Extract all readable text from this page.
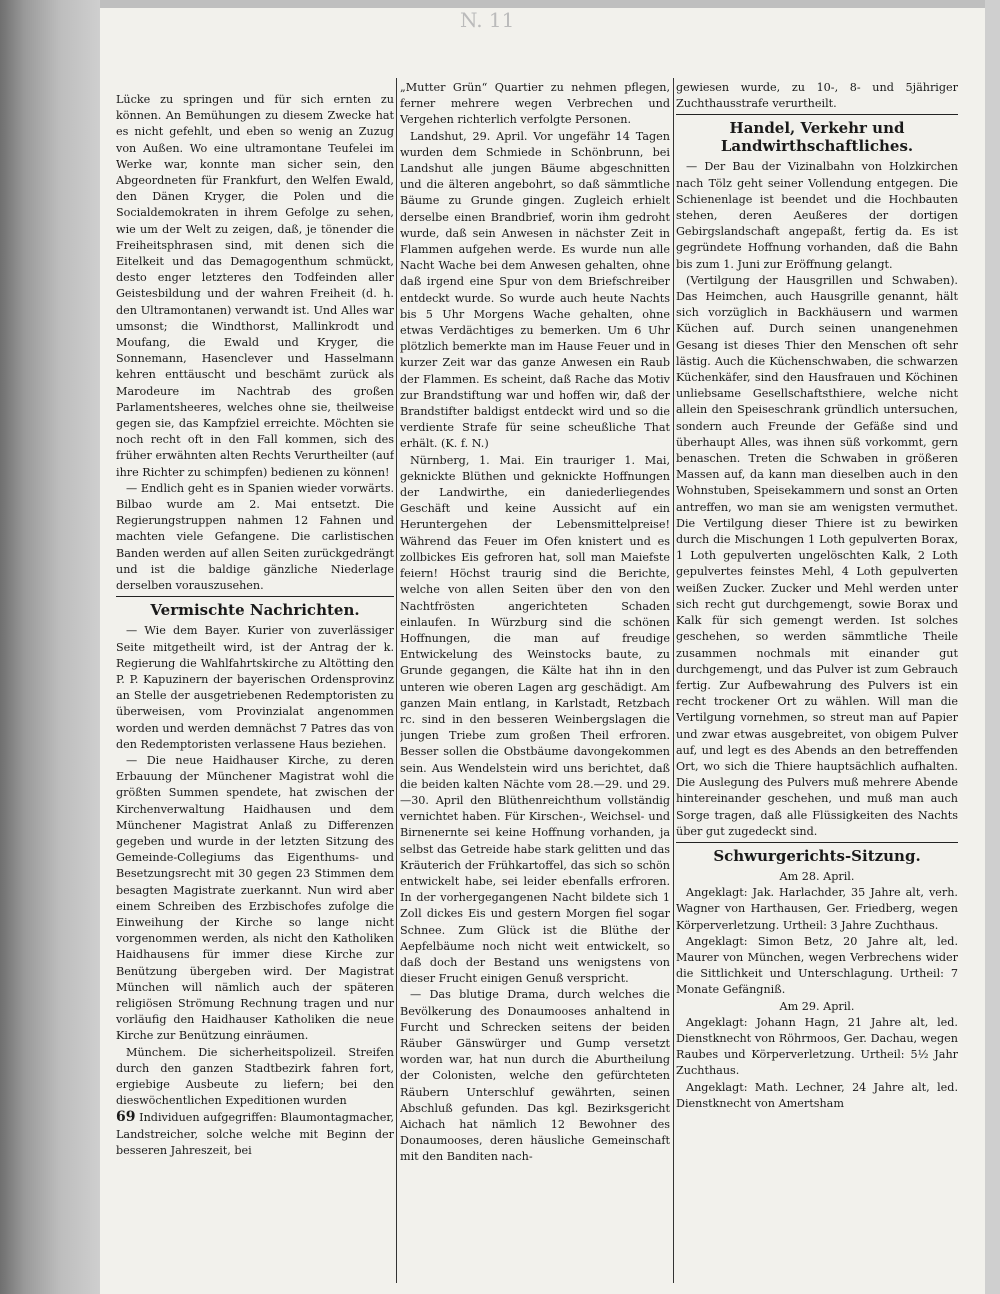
N. 11

Lücke zu springen und für sich ernten zu können. An Bemühungen zu diesem Zwecke hat es nicht gefehlt, und eben so wenig an Zuzug von Außen. Wo eine ultramontane Teufelei im Werke war, konnte man sicher sein, den Abgeordneten für Frankfurt, den Welfen Ewald, den Dänen Kryger, die Polen und die Socialdemokraten in ihrem Gefolge zu sehen, wie um der Welt zu zeigen, daß, je tönender die Freiheitsphrasen sind, mit denen sich die Eitelkeit und das Demagogenthum schmückt, desto enger letzteres den Todfeinden aller Geistesbildung und der wahren Freiheit (d. h. den Ultramontanen) verwandt ist. Und Alles war umsonst; die Windthorst, Mallinkrodt und Moufang, die Ewald und Kryger, die Sonnemann, Hasenclever und Hasselmann kehren enttäuscht und beschämt zurück als Marodeure im Nachtrab des großen Parlamentsheeres, welches ohne sie, theilweise gegen sie, das Kampfziel erreichte. Möchten sie noch recht oft in den Fall kommen, sich des früher erwähnten alten Rechts Verurtheilter (auf ihre Richter zu schimpfen) bedienen zu können!

— Endlich geht es in Spanien wieder vorwärts. Bilbao wurde am 2. Mai entsetzt. Die Regierungstruppen nahmen 12 Fahnen und machten viele Gefangene. Die carlistischen Banden werden auf allen Seiten zurückgedrängt und ist die baldige gänzliche Niederlage derselben vorauszusehen.

Vermischte Nachrichten.

— Wie dem Bayer. Kurier von zuverlässiger Seite mitgetheilt wird, ist der Antrag der k. Regierung die Wahlfahrtskirche zu Altötting den P. P. Kapuzinern der bayerischen Ordensprovinz an Stelle der ausgetriebenen Redemptoristen zu überweisen, vom Provinzialat angenommen worden und werden demnächst 7 Patres das von den Redemptoristen verlassene Haus beziehen.

— Die neue Haidhauser Kirche, zu deren Erbauung der Münchener Magistrat wohl die größten Summen spendete, hat zwischen der Kirchenverwaltung Haidhausen und dem Münchener Magistrat Anlaß zu Differenzen gegeben und wurde in der letzten Sitzung des Gemeinde-Collegiums das Eigenthums- und Besetzungsrecht mit 30 gegen 23 Stimmen dem besagten Magistrate zuerkannt. Nun wird aber einem Schreiben des Erzbischofes zufolge die Einweihung der Kirche so lange nicht vorgenommen werden, als nicht den Katholiken Haidhausens für immer diese Kirche zur Benützung übergeben wird. Der Magistrat München will nämlich auch der späteren religiösen Strömung Rechnung tragen und nur vorläufig den Haidhauser Katholiken die neue Kirche zur Benützung einräumen.

Münchem. Die sicherheitspolizeil. Streifen durch den ganzen Stadtbezirk fahren fort, ergiebige Ausbeute zu liefern; bei den dieswöchentlichen Expeditionen wurden

69 Individuen aufgegriffen: Blaumontagmacher, Landstreicher, solche welche mit Beginn der besseren Jahreszeit, bei

„Mutter Grün“ Quartier zu nehmen pflegen, ferner mehrere wegen Verbrechen und Vergehen richterlich verfolgte Personen.

Landshut, 29. April. Vor ungefähr 14 Tagen wurden dem Schmiede in Schönbrunn, bei Landshut alle jungen Bäume abgeschnitten und die älteren angebohrt, so daß sämmtliche Bäume zu Grunde gingen. Zugleich erhielt derselbe einen Brandbrief, worin ihm gedroht wurde, daß sein Anwesen in nächster Zeit in Flammen aufgehen werde. Es wurde nun alle Nacht Wache bei dem Anwesen gehalten, ohne daß irgend eine Spur von dem Briefschreiber entdeckt wurde. So wurde auch heute Nachts bis 5 Uhr Morgens Wache gehalten, ohne etwas Verdächtiges zu bemerken. Um 6 Uhr plötzlich bemerkte man im Hause Feuer und in kurzer Zeit war das ganze Anwesen ein Raub der Flammen. Es scheint, daß Rache das Motiv zur Brandstiftung war und hoffen wir, daß der Brandstifter baldigst entdeckt wird und so die verdiente Strafe für seine scheußliche That erhält. (K. f. N.)

Nürnberg, 1. Mai. Ein trauriger 1. Mai, geknickte Blüthen und geknickte Hoffnungen der Landwirthe, ein daniederliegendes Geschäft und keine Aussicht auf ein Heruntergehen der Lebensmittelpreise! Während das Feuer im Ofen knistert und es zollbickes Eis gefroren hat, soll man Maiefste feiern! Höchst traurig sind die Berichte, welche von allen Seiten über den von den Nachtfrösten angerichteten Schaden einlaufen. In Würzburg sind die schönen Hoffnungen, die man auf freudige Entwickelung des Weinstocks baute, zu Grunde gegangen, die Kälte hat ihn in den unteren wie oberen Lagen arg geschädigt. Am ganzen Main entlang, in Karlstadt, Retzbach rc. sind in den besseren Weinbergslagen die jungen Triebe zum großen Theil erfroren. Besser sollen die Obstbäume davongekommen sein. Aus Wendelstein wird uns berichtet, daß die beiden kalten Nächte vom 28.—29. und 29.—30. April den Blüthenreichthum vollständig vernichtet haben. Für Kirschen-, Weichsel- und Birnenernte sei keine Hoffnung vorhanden, ja selbst das Getreide habe stark gelitten und das Kräuterich der Frühkartoffel, das sich so schön entwickelt habe, sei leider ebenfalls erfroren. In der vorhergegangenen Nacht bildete sich 1 Zoll dickes Eis und gestern Morgen fiel sogar Schnee. Zum Glück ist die Blüthe der Aepfelbäume noch nicht weit entwickelt, so daß doch der Bestand uns wenigstens von dieser Frucht einigen Genuß verspricht.

— Das blutige Drama, durch welches die Bevölkerung des Donaumooses anhaltend in Furcht und Schrecken seitens der beiden Räuber Gänswürger und Gump versetzt worden war, hat nun durch die Aburtheilung der Colonisten, welche den gefürchteten Räubern Unterschluf gewährten, seinen Abschluß gefunden. Das kgl. Bezirksgericht Aichach hat nämlich 12 Bewohner des Donaumooses, deren häusliche Gemeinschaft mit den Banditen nach-

gewiesen wurde, zu 10-, 8- und 5jähriger Zuchthausstrafe verurtheilt.

Handel, Verkehr und Landwirthschaftliches.

— Der Bau der Vizinalbahn von Holzkirchen nach Tölz geht seiner Vollendung entgegen. Die Schienenlage ist beendet und die Hochbauten stehen, deren Aeußeres der dortigen Gebirgslandschaft angepaßt, fertig da. Es ist gegründete Hoffnung vorhanden, daß die Bahn bis zum 1. Juni zur Eröffnung gelangt.

(Vertilgung der Hausgrillen und Schwaben). Das Heimchen, auch Hausgrille genannt, hält sich vorzüglich in Backhäusern und warmen Küchen auf. Durch seinen unangenehmen Gesang ist dieses Thier den Menschen oft sehr lästig. Auch die Küchenschwaben, die schwarzen Küchenkäfer, sind den Hausfrauen und Köchinen unliebsame Gesellschaftsthiere, welche nicht allein den Speiseschrank gründlich untersuchen, sondern auch Freunde der Gefäße sind und überhaupt Alles, was ihnen süß vorkommt, gern benaschen. Treten die Schwaben in größeren Massen auf, da kann man dieselben auch in den Wohnstuben, Speisekammern und sonst an Orten antreffen, wo man sie am wenigsten vermuthet. Die Vertilgung dieser Thiere ist zu bewirken durch die Mischungen 1 Loth gepulverten Borax, 1 Loth gepulverten ungelöschten Kalk, 2 Loth gepulvertes feinstes Mehl, 4 Loth gepulverten weißen Zucker. Zucker und Mehl werden unter sich recht gut durchgemengt, sowie Borax und Kalk für sich gemengt werden. Ist solches geschehen, so werden sämmtliche Theile zusammen nochmals mit einander gut durchgemengt, und das Pulver ist zum Gebrauch fertig. Zur Aufbewahrung des Pulvers ist ein recht trockener Ort zu wählen. Will man die Vertilgung vornehmen, so streut man auf Papier und zwar etwas ausgebreitet, von obigem Pulver auf, und legt es des Abends an den betreffenden Ort, wo sich die Thiere hauptsächlich aufhalten. Die Auslegung des Pulvers muß mehrere Abende hintereinander geschehen, und muß man auch Sorge tragen, daß alle Flüssigkeiten des Nachts über gut zugedeckt sind.

Schwurgerichts-Sitzung.

Am 28. April.

Angeklagt: Jak. Harlachder, 35 Jahre alt, verh. Wagner von Harthausen, Ger. Friedberg, wegen Körperverletzung. Urtheil: 3 Jahre Zuchthaus.

Angeklagt: Simon Betz, 20 Jahre alt, led. Maurer von München, wegen Verbrechens wider die Sittlichkeit und Unterschlagung. Urtheil: 7 Monate Gefängniß.

Am 29. April.

Angeklagt: Johann Hagn, 21 Jahre alt, led. Dienstknecht von Röhrmoos, Ger. Dachau, wegen Raubes und Körperverletzung. Urtheil: 5½ Jahr Zuchthaus.

Angeklagt: Math. Lechner, 24 Jahre alt, led. Dienstknecht von Amertsham
